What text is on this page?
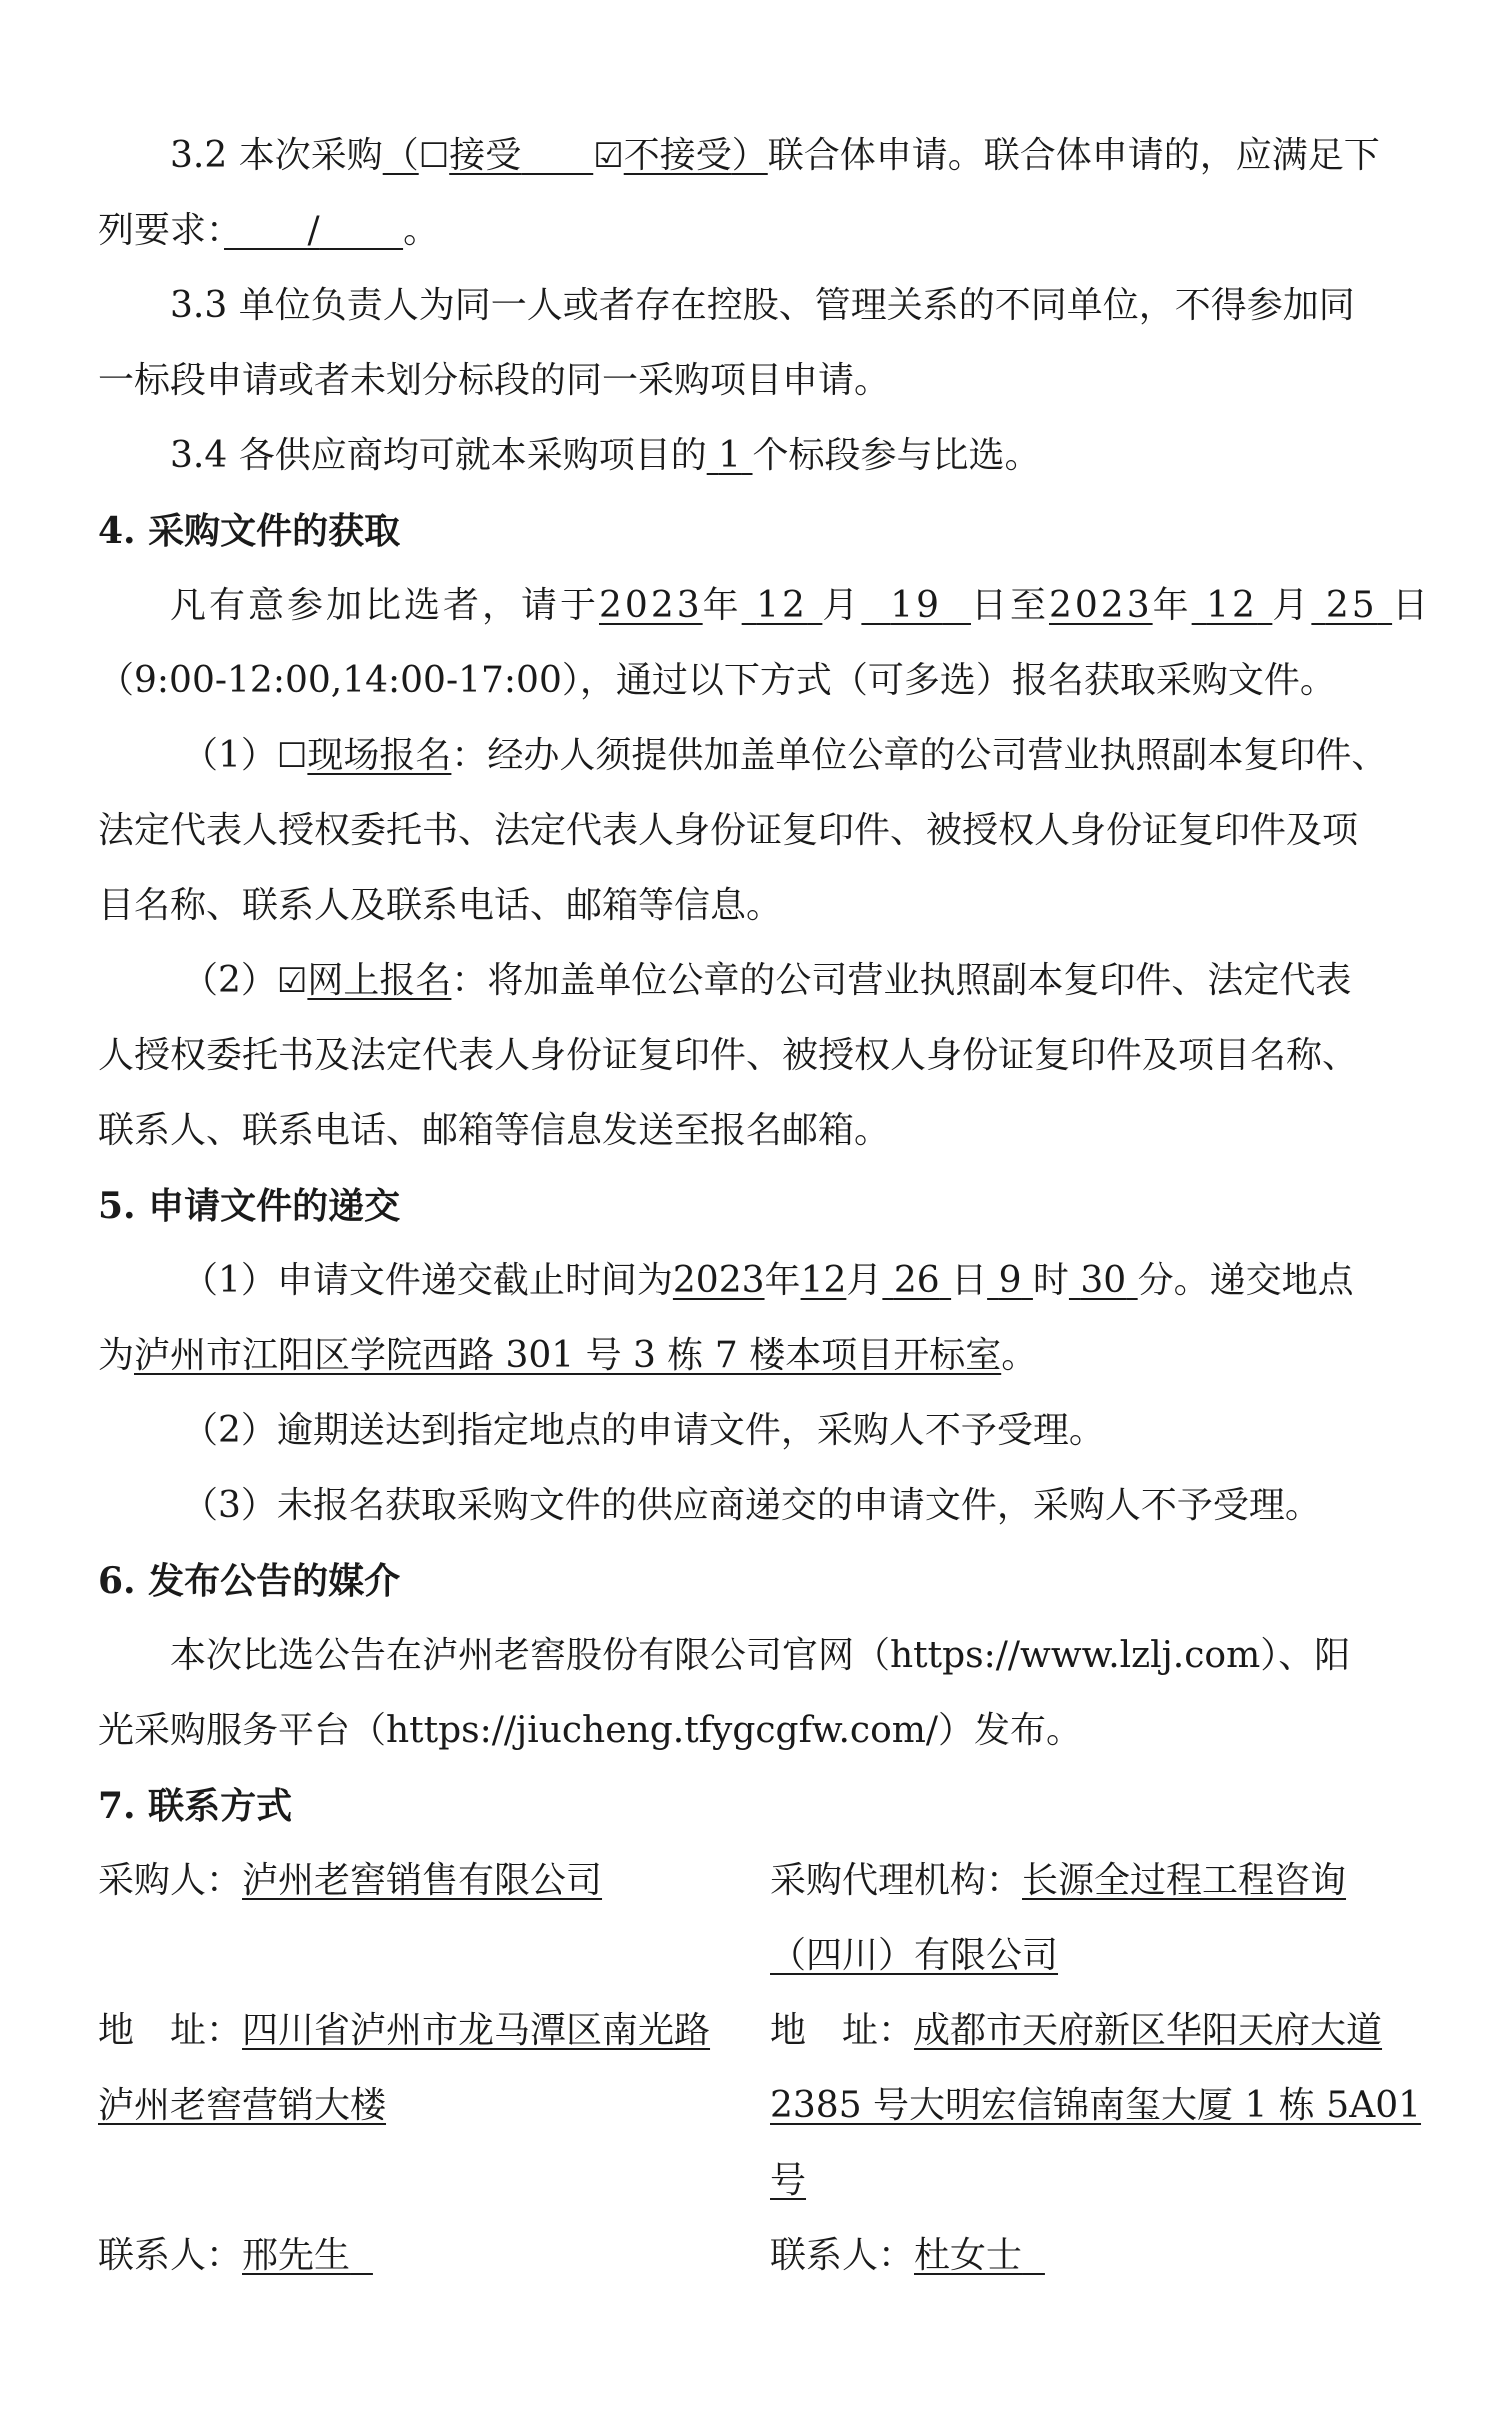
3.2 本次采购（☐接受　　 ☑不接受）联合体申请。联合体申请的，应满足下
列要求：　　 / 　　 。
3.3 单位负责人为同一人或者存在控股、管理关系的不同单位，不得参加同
一标段申请或者未划分标段的同一采购项目申请。
3.4 各供应商均可就本采购项目的 1 个标段参与比选。
4. 采购文件的获取
凡有意参加比选者，请于2023年 12 月 19 日至2023年 12 月 25 日
（9:00-12:00,14:00-17:00），通过以下方式（可多选）报名获取采购文件。
（1）☐现场报名：经办人须提供加盖单位公章的公司营业执照副本复印件、
法定代表人授权委托书、法定代表人身份证复印件、被授权人身份证复印件及项
目名称、联系人及联系电话、邮箱等信息。
（2）☑网上报名：将加盖单位公章的公司营业执照副本复印件、法定代表
人授权委托书及法定代表人身份证复印件、被授权人身份证复印件及项目名称、
联系人、联系电话、邮箱等信息发送至报名邮箱。
5. 申请文件的递交
（1）申请文件递交截止时间为2023年12月 26 日 9 时 30 分。递交地点
为泸州市江阳区学院西路 301 号 3 栋 7 楼本项目开标室。
（2）逾期送达到指定地点的申请文件，采购人不予受理。
（3）未报名获取采购文件的供应商递交的申请文件，采购人不予受理。
6. 发布公告的媒介
本次比选公告在泸州老窖股份有限公司官网（https://www.lzlj.com）、阳
光采购服务平台（https://jiucheng.tfygcgfw.com/）发布。
7. 联系方式
采购人：泸州老窖销售有限公司	采购代理机构：长源全过程工程咨询
（四川）有限公司
地　址：四川省泸州市龙马潭区南光路
泸州老窖营销大楼
地　址：成都市天府新区华阳天府大道
2385 号大明宏信锦南玺大厦 1 栋 5A01
号
联系人：邢先生	联系人：杜女士
